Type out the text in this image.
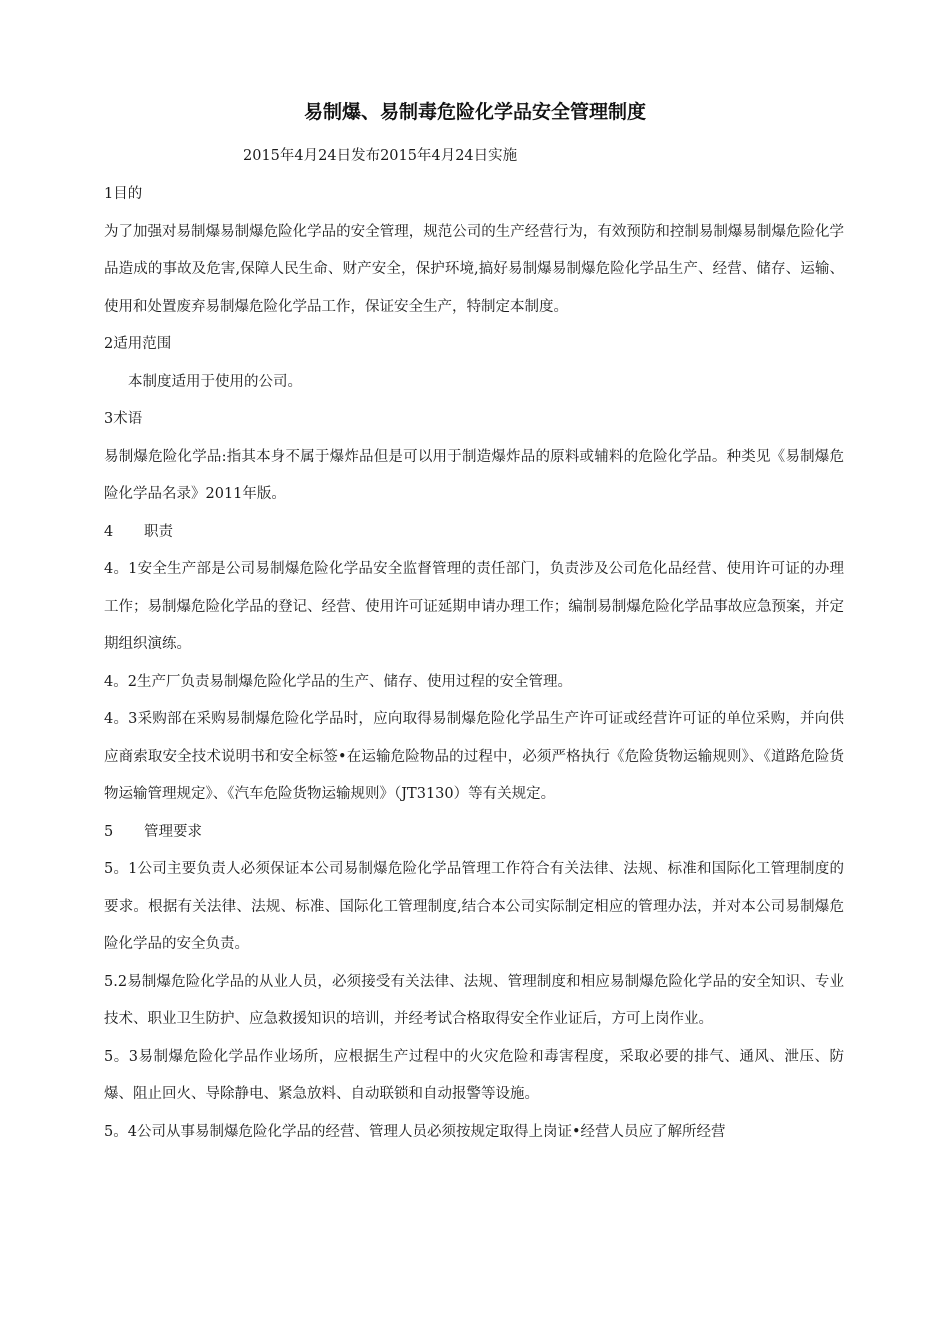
易制爆、易制毒危险化学品安全管理制度
2015年4月24日发布2015年4月24日实施

1目的

为了加强对易制爆易制爆危险化学品的安全管理，规范公司的生产经营行为，有效预防和控制易制爆易制爆危险化学品造成的事故及危害,保障人民生命、财产安全，保护环境,搞好易制爆易制爆危险化学品生产、经营、储存、运输、使用和处置废弃易制爆危险化学品工作，保证安全生产，特制定本制度。

2适用范围

本制度适用于使用的公司。

3术语

易制爆危险化学品:指其本身不属于爆炸品但是可以用于制造爆炸品的原料或辅料的危险化学品。种类见《易制爆危险化学品名录》2011年版。

4 职责

4。1安全生产部是公司易制爆危险化学品安全监督管理的责任部门，负责涉及公司危化品经营、使用许可证的办理工作；易制爆危险化学品的登记、经营、使用许可证延期申请办理工作；编制易制爆危险化学品事故应急预案，并定期组织演练。

4。2生产厂负责易制爆危险化学品的生产、储存、使用过程的安全管理。

4。3采购部在采购易制爆危险化学品时，应向取得易制爆危险化学品生产许可证或经营许可证的单位采购，并向供应商索取安全技术说明书和安全标签•在运输危险物品的过程中，必须严格执行《危险货物运输规则》、《道路危险货物运输管理规定》、《汽车危险货物运输规则》（JT3130）等有关规定。

5 管理要求

5。1公司主要负责人必须保证本公司易制爆危险化学品管理工作符合有关法律、法规、标准和国际化工管理制度的要求。根据有关法律、法规、标准、国际化工管理制度,结合本公司实际制定相应的管理办法，并对本公司易制爆危险化学品的安全负责。

5.2易制爆危险化学品的从业人员，必须接受有关法律、法规、管理制度和相应易制爆危险化学品的安全知识、专业技术、职业卫生防护、应急救援知识的培训，并经考试合格取得安全作业证后，方可上岗作业。

5。3易制爆危险化学品作业场所，应根据生产过程中的火灾危险和毒害程度，采取必要的排气、通风、泄压、防爆、阻止回火、导除静电、紧急放料、自动联锁和自动报警等设施。

5。4公司从事易制爆危险化学品的经营、管理人员必须按规定取得上岗证•经营人员应了解所经营
